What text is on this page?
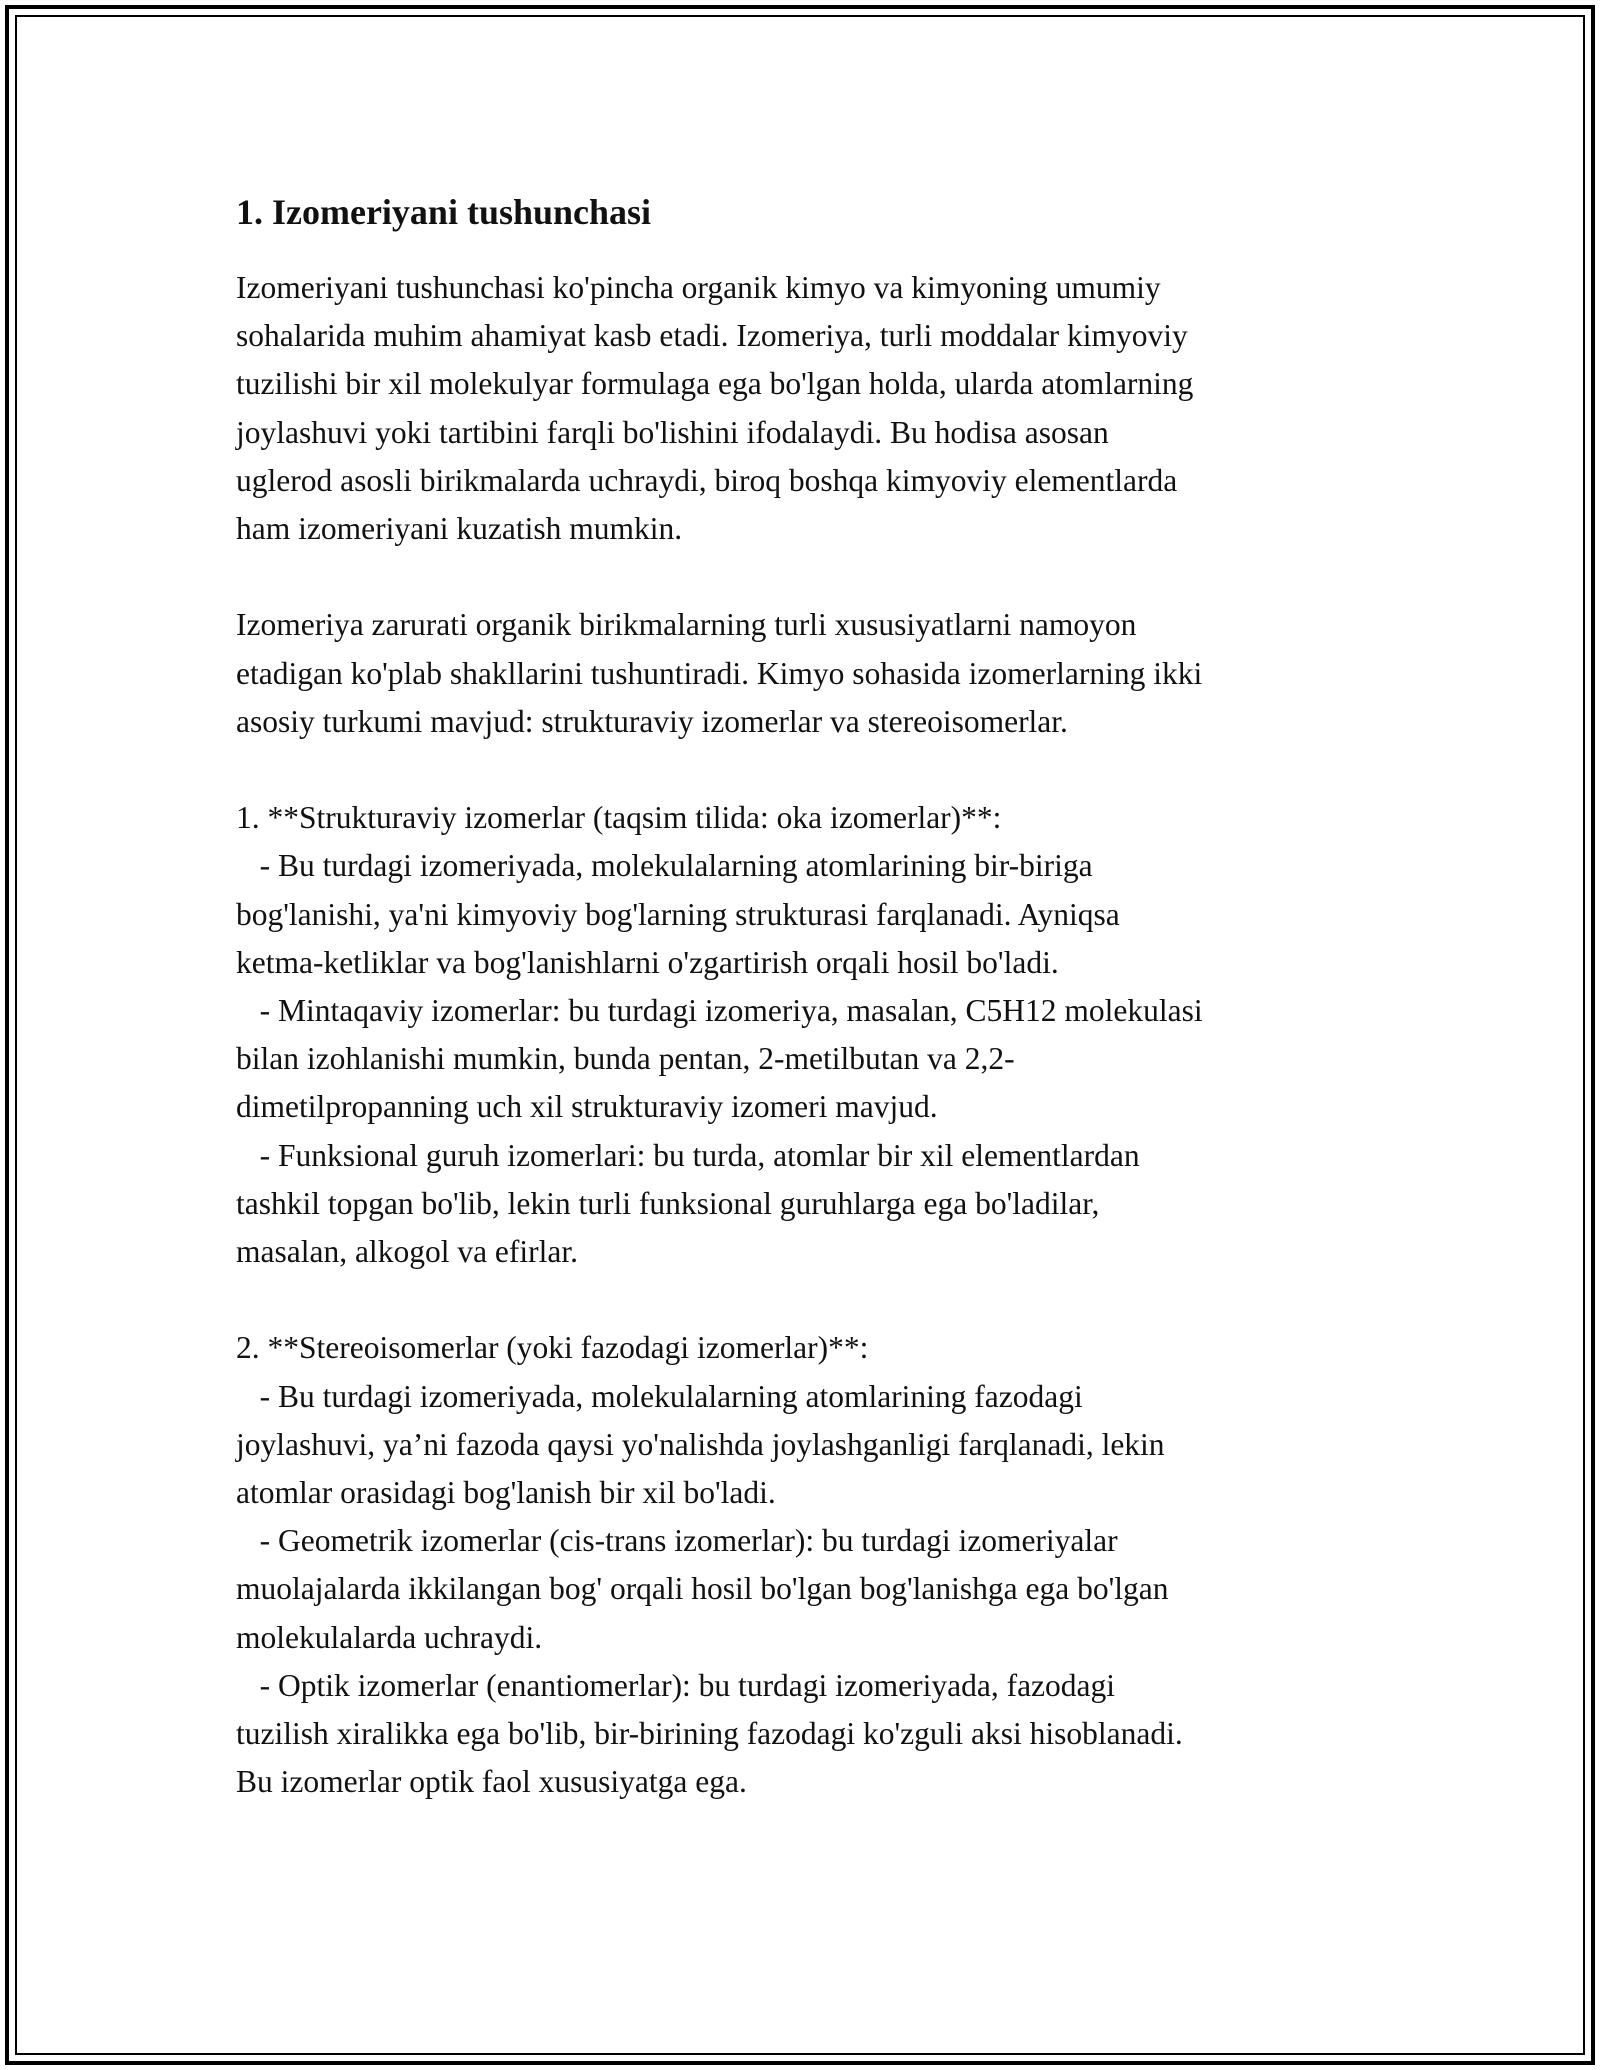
1. Izomeriyani tushunchasi
Izomeriyani tushunchasi ko'pincha organik kimyo va kimyoning umumiy
sohalarida muhim ahamiyat kasb etadi. Izomeriya, turli moddalar kimyoviy
tuzilishi bir xil molekulyar formulaga ega bo'lgan holda, ularda atomlarning
joylashuvi yoki tartibini farqli bo'lishini ifodalaydi. Bu hodisa asosan
uglerod asosli birikmalarda uchraydi, biroq boshqa kimyoviy elementlarda
ham izomeriyani kuzatish mumkin.
Izomeriya zarurati organik birikmalarning turli xususiyatlarni namoyon
etadigan ko'plab shakllarini tushuntiradi. Kimyo sohasida izomerlarning ikki
asosiy turkumi mavjud: strukturaviy izomerlar va stereoisomerlar.
1. **Strukturaviy izomerlar (taqsim tilida: oka izomerlar)**:
- Bu turdagi izomeriyada, molekulalarning atomlarining bir-biriga
bog'lanishi, ya'ni kimyoviy bog'larning strukturasi farqlanadi. Ayniqsa
ketma-ketliklar va bog'lanishlarni o'zgartirish orqali hosil bo'ladi.
- Mintaqaviy izomerlar: bu turdagi izomeriya, masalan, C5H12 molekulasi
bilan izohlanishi mumkin, bunda pentan, 2-metilbutan va 2,2-
dimetilpropanning uch xil strukturaviy izomeri mavjud.
- Funksional guruh izomerlari: bu turda, atomlar bir xil elementlardan
tashkil topgan bo'lib, lekin turli funksional guruhlarga ega bo'ladilar,
masalan, alkogol va efirlar.
2. **Stereoisomerlar (yoki fazodagi izomerlar)**:
- Bu turdagi izomeriyada, molekulalarning atomlarining fazodagi
joylashuvi, ya’ni fazoda qaysi yo'nalishda joylashganligi farqlanadi, lekin
atomlar orasidagi bog'lanish bir xil bo'ladi.
- Geometrik izomerlar (cis-trans izomerlar): bu turdagi izomeriyalar
muolajalarda ikkilangan bog' orqali hosil bo'lgan bog'lanishga ega bo'lgan
molekulalarda uchraydi.
- Optik izomerlar (enantiomerlar): bu turdagi izomeriyada, fazodagi
tuzilish xiralikka ega bo'lib, bir-birining fazodagi ko'zguli aksi hisoblanadi.
Bu izomerlar optik faol xususiyatga ega.
